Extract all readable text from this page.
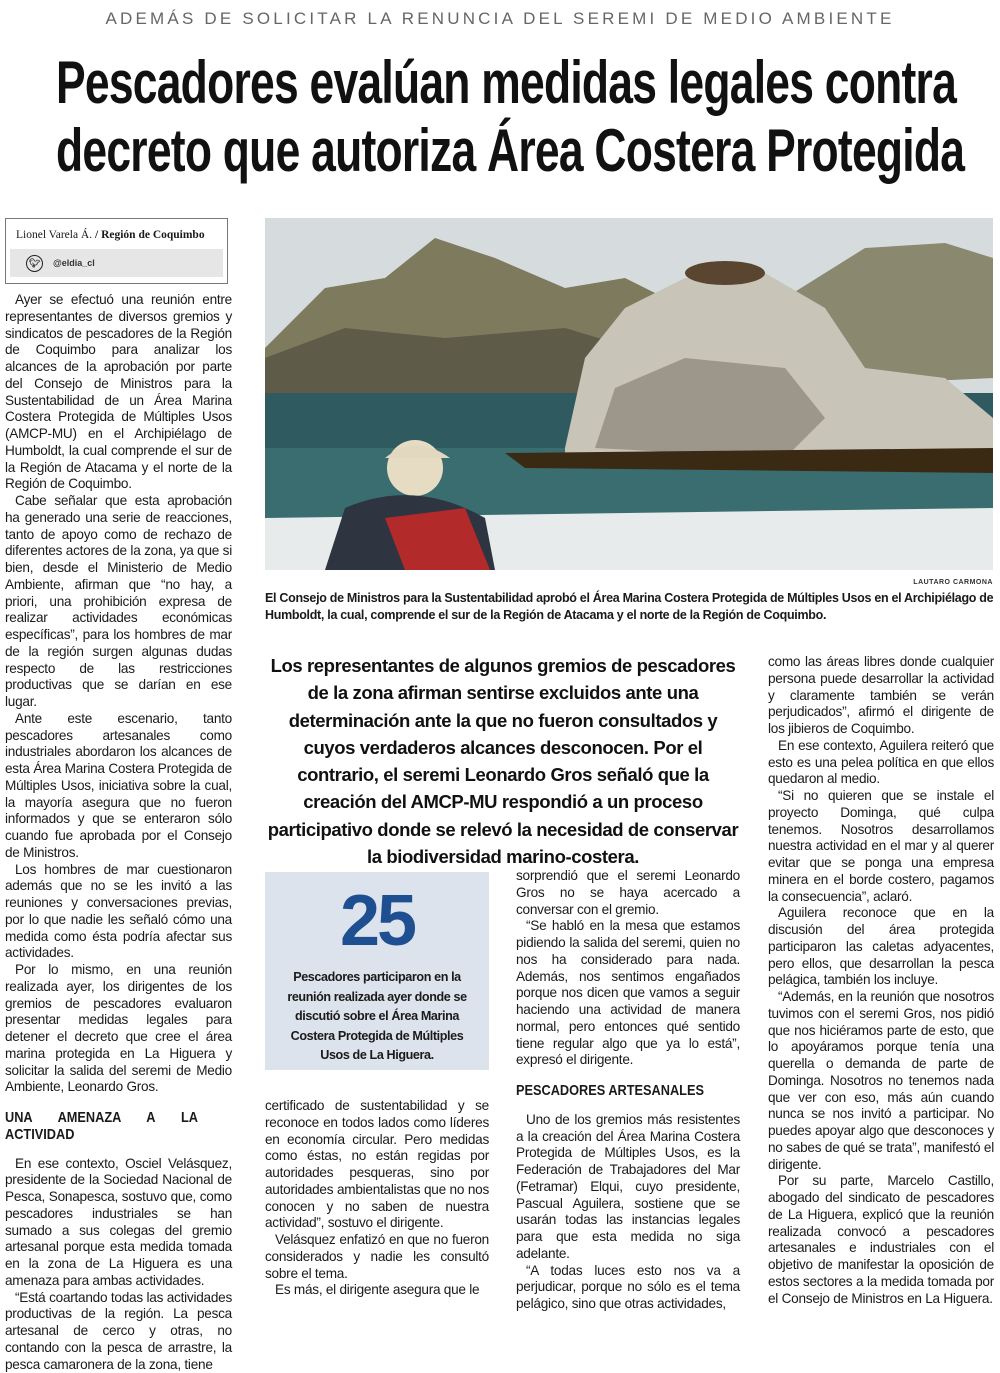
ADEMÁS DE SOLICITAR LA RENUNCIA DEL SEREMI DE MEDIO AMBIENTE
Pescadores evalúan medidas legales contra
decreto que autoriza Área Costera Protegida
Lionel Varela Á. / Región de Coquimbo
🐦︎	@eldia_cl

Ayer se efectuó una reunión entre representantes de diversos gremios y sindicatos de pescadores de la Región de Coquimbo para analizar los alcances de la aprobación por parte del Consejo de Ministros para la Sustentabilidad de un Área Marina Costera Protegida de Múltiples Usos (AMCP-MU) en el Archipiélago de Humboldt, la cual comprende el sur de la Región de Atacama y el norte de la Región de Coquimbo.

Cabe señalar que esta aprobación ha generado una serie de reacciones, tanto de apoyo como de rechazo de diferentes actores de la zona, ya que si bien, desde el Ministerio de Medio Ambiente, afirman que “no hay, a priori, una prohibición expresa de realizar actividades económicas específicas”, para los hombres de mar de la región surgen algunas dudas respecto de las restricciones productivas que se darían en ese lugar.

Ante este escenario, tanto pescadores artesanales como industriales abordaron los alcances de esta Área Marina Costera Protegida de Múltiples Usos, iniciativa sobre la cual, la mayoría asegura que no fueron informados y que se enteraron sólo cuando fue aprobada por el Consejo de Ministros.

Los hombres de mar cuestionaron además que no se les invitó a las reuniones y conversaciones previas, por lo que nadie les señaló cómo una medida como ésta podría afectar sus actividades.

Por lo mismo, en una reunión realizada ayer, los dirigentes de los gremios de pescadores evaluaron presentar medidas legales para detener el decreto que cree el área marina protegida en La Higuera y solicitar la salida del seremi de Medio Ambiente, Leonardo Gros.

UNA AMENAZA A LA ACTIVIDAD

En ese contexto, Osciel Velásquez, presidente de la Sociedad Nacional de Pesca, Sonapesca, sostuvo que, como pescadores industriales se han sumado a sus colegas del gremio artesanal porque esta medida tomada en la zona de La Higuera es una amenaza para ambas actividades.

“Está coartando todas las actividades productivas de la región. La pesca artesanal de cerco y otras, no contando con la pesca de arrastre, la pesca camaronera de la zona, tiene

LAUTARO CARMONA
El Consejo de Ministros para la Sustentabilidad aprobó el Área Marina Costera Protegida de Múltiples Usos en el Archipiélago de Humboldt, la cual, comprende el sur de la Región de Atacama y el norte de la Región de Coquimbo.
Los representantes de algunos gremios de pescadores de la zona afirman sentirse excluidos ante una determinación ante la que no fueron consultados y cuyos verdaderos alcances desconocen. Por el contrario, el seremi Leonardo Gros señaló que la creación del AMCP-MU respondió a un proceso participativo donde se relevó la necesidad de conservar la biodiversidad marino-costera.
25
Pescadores participaron en la reunión realizada ayer donde se discutió sobre el Área Marina Costera Protegida de Múltiples Usos de La Higuera.

certificado de sustentabilidad y se reconoce en todos lados como líderes en economía circular. Pero medidas como éstas, no están regidas por autoridades pesqueras, sino por autoridades ambientalistas que no nos conocen y no saben de nuestra actividad”, sostuvo el dirigente.

Velásquez enfatizó en que no fueron considerados y nadie les consultó sobre el tema.

Es más, el dirigente asegura que le

sorprendió que el seremi Leonardo Gros no se haya acercado a conversar con el gremio.

“Se habló en la mesa que estamos pidiendo la salida del seremi, quien no nos ha considerado para nada. Además, nos sentimos engañados porque nos dicen que vamos a seguir haciendo una actividad de manera normal, pero entonces qué sentido tiene regular algo que ya lo está”, expresó el dirigente.

PESCADORES ARTESANALES

Uno de los gremios más resistentes a la creación del Área Marina Costera Protegida de Múltiples Usos, es la Federación de Trabajadores del Mar (Fetramar) Elqui, cuyo presidente, Pascual Aguilera, sostiene que se usarán todas las instancias legales para que esta medida no siga adelante.

“A todas luces esto nos va a perjudicar, porque no sólo es el tema pelágico, sino que otras actividades,

como las áreas libres donde cualquier persona puede desarrollar la actividad y claramente también se verán perjudicados”, afirmó el dirigente de los jibieros de Coquimbo.

En ese contexto, Aguilera reiteró que esto es una pelea política en que ellos quedaron al medio.

“Si no quieren que se instale el proyecto Dominga, qué culpa tenemos. Nosotros desarrollamos nuestra actividad en el mar y al querer evitar que se ponga una empresa minera en el borde costero, pagamos la consecuencia”, aclaró.

Aguilera reconoce que en la discusión del área protegida participaron las caletas adyacentes, pero ellos, que desarrollan la pesca pelágica, también los incluye.

“Además, en la reunión que nosotros tuvimos con el seremi Gros, nos pidió que nos hiciéramos parte de esto, que lo apoyáramos porque tenía una querella o demanda de parte de Dominga. Nosotros no tenemos nada que ver con eso, más aún cuando nunca se nos invitó a participar. No puedes apoyar algo que desconoces y no sabes de qué se trata”, manifestó el dirigente.

Por su parte, Marcelo Castillo, abogado del sindicato de pescadores de La Higuera, explicó que la reunión realizada convocó a pescadores artesanales e industriales con el objetivo de manifestar la oposición de estos sectores a la medida tomada por el Consejo de Ministros en La Higuera.
